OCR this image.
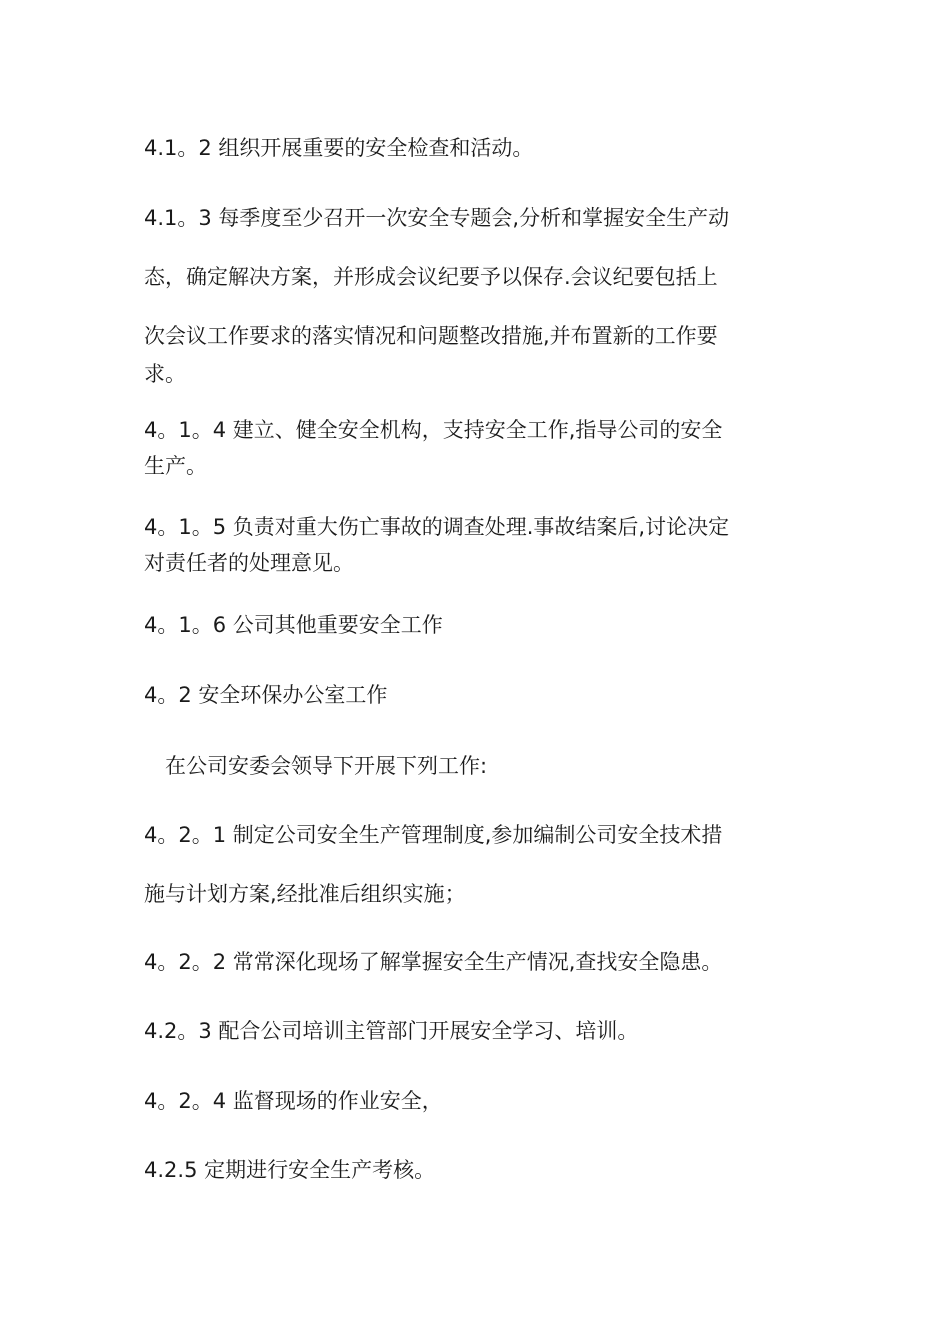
4.1。2 组织开展重要的安全检查和活动。

4.1。3 每季度至少召开一次安全专题会,分析和掌握安全生产动
态，确定解决方案，并形成会议纪要予以保存.会议纪要包括上
次会议工作要求的落实情况和问题整改措施,并布置新的工作要

求。

4。1。4 建立、健全安全机构，支持安全工作,指导公司的安全
生产。

4。1。5 负责对重大伤亡事故的调查处理.事故结案后,讨论决定
对责任者的处理意见。

4。1。6 公司其他重要安全工作

4。2 安全环保办公室工作

在公司安委会领导下开展下列工作:

4。2。1 制定公司安全生产管理制度,参加编制公司安全技术措
施与计划方案,经批准后组织实施；

4。2。2 常常深化现场了解掌握安全生产情况,查找安全隐患。

4.2。3 配合公司培训主管部门开展安全学习、培训。

4。2。4 监督现场的作业安全，

4.2.5 定期进行安全生产考核。
